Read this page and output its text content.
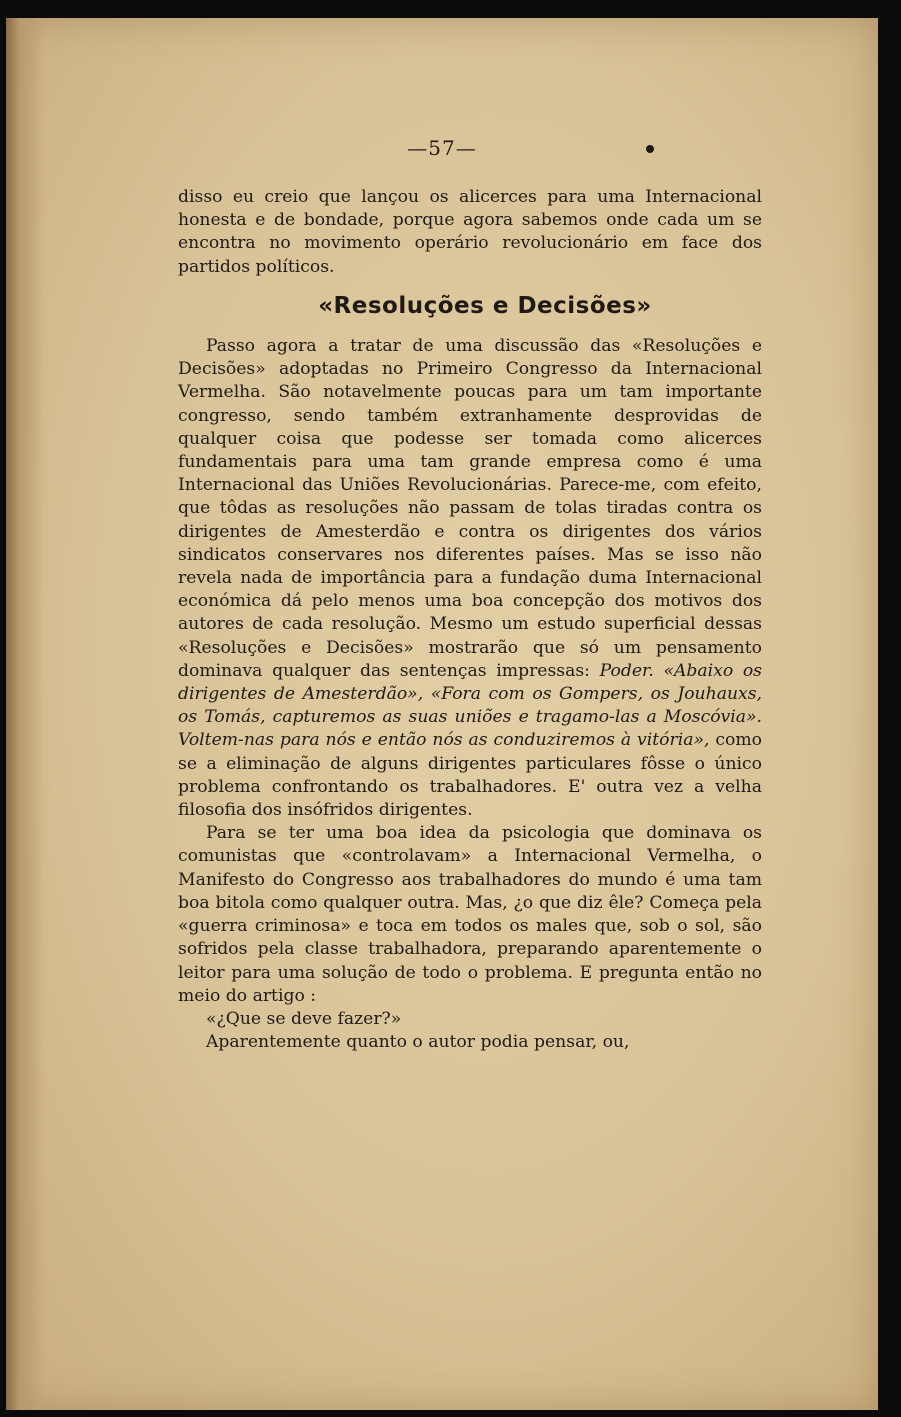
—57—

disso eu creio que lançou os alicerces para uma Internacional honesta e de bondade, porque agora sabemos onde cada um se encontra no movimento operário revolucionário em face dos partidos políticos.

«Resoluções e Decisões»

Passo agora a tratar de uma discussão das «Resoluções e Decisões» adoptadas no Primeiro Congresso da Internacional Vermelha. São notavelmente poucas para um tam importante congresso, sendo também extranhamente desprovidas de qualquer coisa que podesse ser tomada como alicerces fundamentais para uma tam grande empresa como é uma Internacional das Uniões Revolucionárias. Parece-me, com efeito, que tôdas as resoluções não passam de tolas tiradas contra os dirigentes de Amesterdão e contra os dirigentes dos vários sindicatos conservares nos diferentes países. Mas se isso não revela nada de importância para a fundação duma Internacional económica dá pelo menos uma boa concepção dos motivos dos autores de cada resolução. Mesmo um estudo superficial dessas «Resoluções e Decisões» mostrarão que só um pensamento dominava qualquer das sentenças impressas: Poder. «Abaixo os dirigentes de Amesterdão», «Fora com os Gompers, os Jouhauxs, os Tomás, capturemos as suas uniões e tragamo-las a Moscóvia». Voltem-nas para nós e então nós as conduziremos à vitória», como se a eliminação de alguns dirigentes particulares fôsse o único problema confrontando os trabalhadores. E' outra vez a velha filosofia dos insófridos dirigentes.

Para se ter uma boa idea da psicologia que dominava os comunistas que «controlavam» a Internacional Vermelha, o Manifesto do Congresso aos trabalhadores do mundo é uma tam boa bitola como qualquer outra. Mas, ¿o que diz êle? Começa pela «guerra criminosa» e toca em todos os males que, sob o sol, são sofridos pela classe trabalhadora, preparando aparentemente o leitor para uma solução de todo o problema. E pregunta então no meio do artigo :

«¿Que se deve fazer?»

Aparentemente quanto o autor podia pensar, ou,
